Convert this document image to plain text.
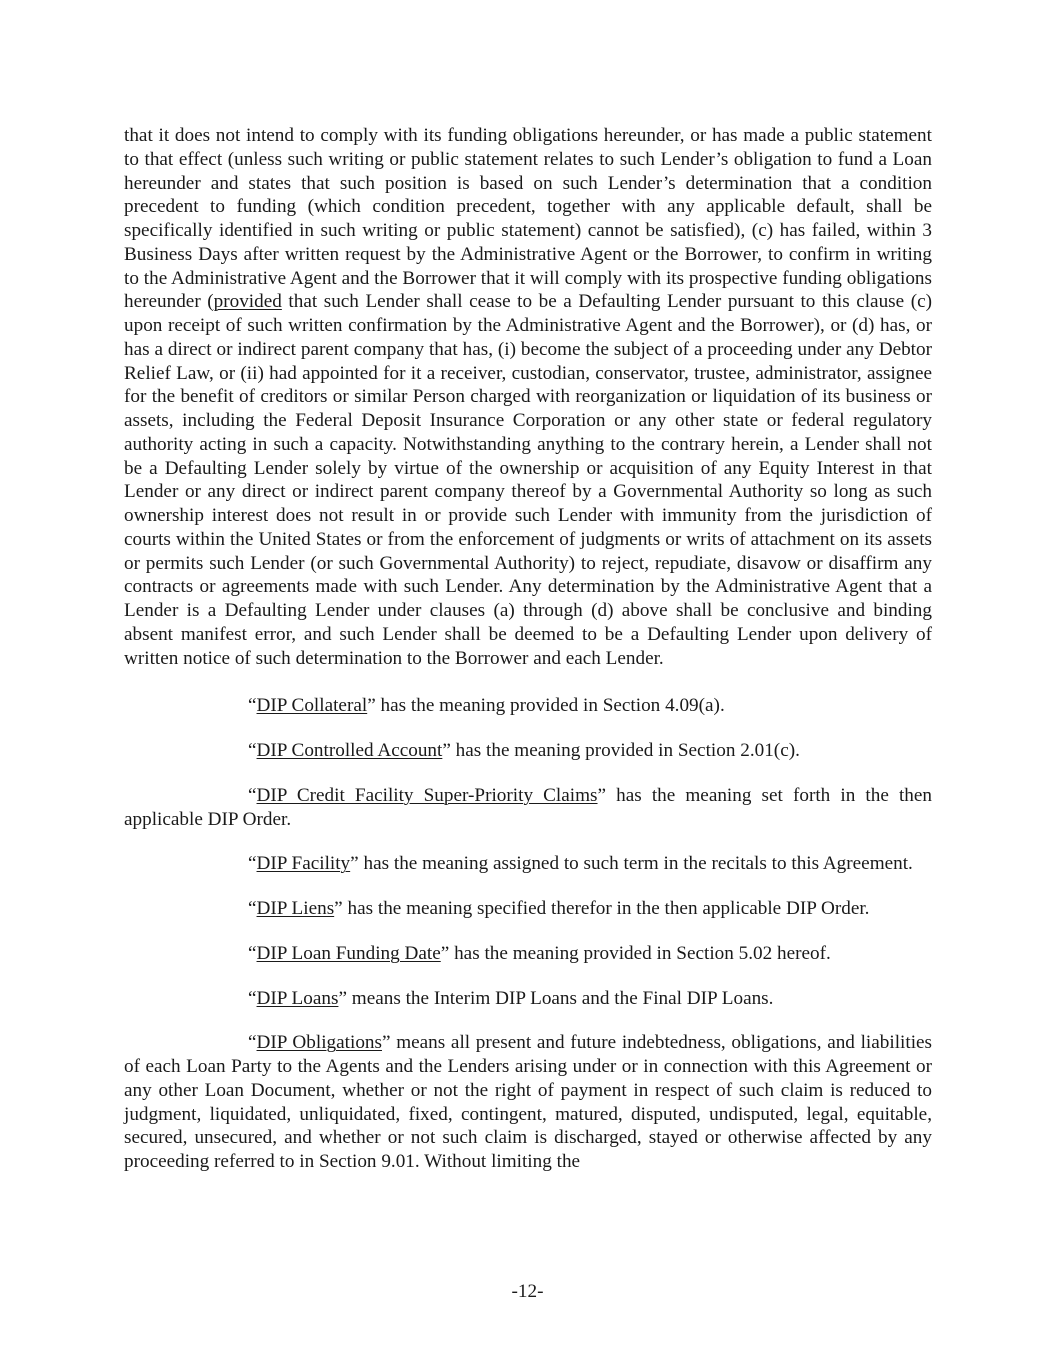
that it does not intend to comply with its funding obligations hereunder, or has made a public statement to that effect (unless such writing or public statement relates to such Lender’s obligation to fund a Loan hereunder and states that such position is based on such Lender’s determination that a condition precedent to funding (which condition precedent, together with any applicable default, shall be specifically identified in such writing or public statement) cannot be satisfied), (c) has failed, within 3 Business Days after written request by the Administrative Agent or the Borrower, to confirm in writing to the Administrative Agent and the Borrower that it will comply with its prospective funding obligations hereunder (provided that such Lender shall cease to be a Defaulting Lender pursuant to this clause (c) upon receipt of such written confirmation by the Administrative Agent and the Borrower), or (d) has, or has a direct or indirect parent company that has, (i) become the subject of a proceeding under any Debtor Relief Law, or (ii) had appointed for it a receiver, custodian, conservator, trustee, administrator, assignee for the benefit of creditors or similar Person charged with reorganization or liquidation of its business or assets, including the Federal Deposit Insurance Corporation or any other state or federal regulatory authority acting in such a capacity. Notwithstanding anything to the contrary herein, a Lender shall not be a Defaulting Lender solely by virtue of the ownership or acquisition of any Equity Interest in that Lender or any direct or indirect parent company thereof by a Governmental Authority so long as such ownership interest does not result in or provide such Lender with immunity from the jurisdiction of courts within the United States or from the enforcement of judgments or writs of attachment on its assets or permits such Lender (or such Governmental Authority) to reject, repudiate, disavow or disaffirm any contracts or agreements made with such Lender. Any determination by the Administrative Agent that a Lender is a Defaulting Lender under clauses (a) through (d) above shall be conclusive and binding absent manifest error, and such Lender shall be deemed to be a Defaulting Lender upon delivery of written notice of such determination to the Borrower and each Lender.

“DIP Collateral” has the meaning provided in Section 4.09(a).

“DIP Controlled Account” has the meaning provided in Section 2.01(c).

“DIP Credit Facility Super-Priority Claims” has the meaning set forth in the then applicable DIP Order.

“DIP Facility” has the meaning assigned to such term in the recitals to this Agreement.

“DIP Liens” has the meaning specified therefor in the then applicable DIP Order.

“DIP Loan Funding Date” has the meaning provided in Section 5.02 hereof.

“DIP Loans” means the Interim DIP Loans and the Final DIP Loans.

“DIP Obligations” means all present and future indebtedness, obligations, and liabilities of each Loan Party to the Agents and the Lenders arising under or in connection with this Agreement or any other Loan Document, whether or not the right of payment in respect of such claim is reduced to judgment, liquidated, unliquidated, fixed, contingent, matured, disputed, undisputed, legal, equitable, secured, unsecured, and whether or not such claim is discharged, stayed or otherwise affected by any proceeding referred to in Section 9.01. Without limiting the

-12-
